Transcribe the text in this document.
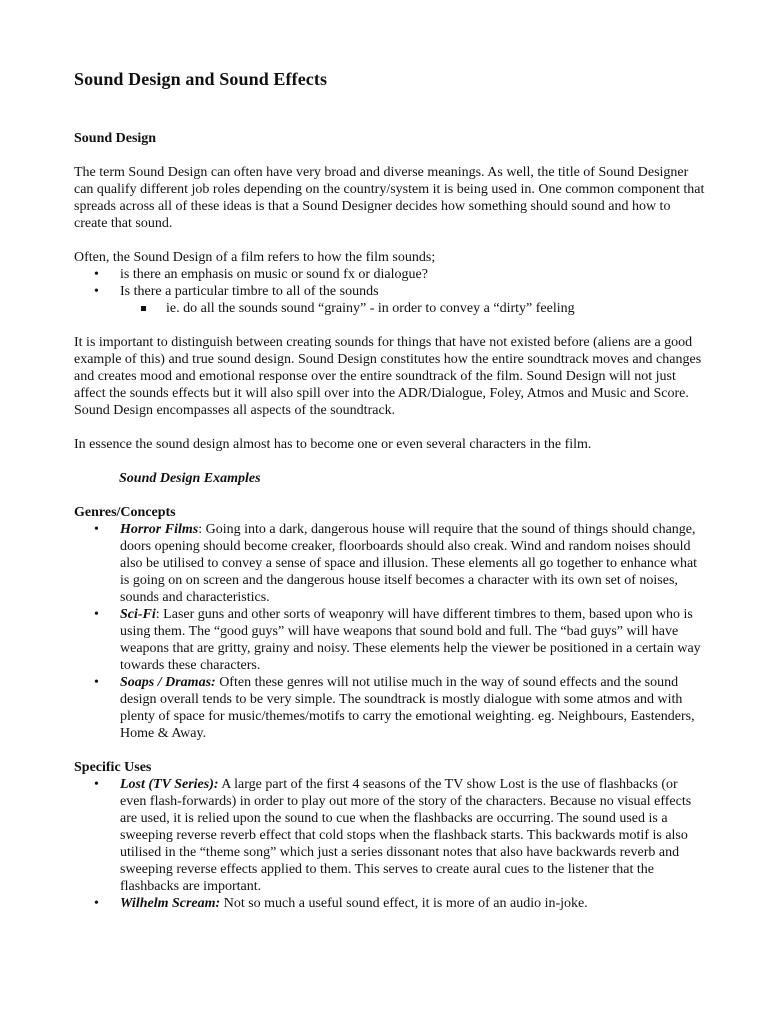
Sound Design and Sound Effects
Sound Design

The term Sound Design can often have very broad and diverse meanings. As well, the title of Sound Designer can qualify different job roles depending on the country/system it is being used in. One common component that spreads across all of these ideas is that a Sound Designer decides how something should sound and how to create that sound.

Often, the Sound Design of a film refers to how the film sounds;

• is there an emphasis on music or sound fx or dialogue?
• Is there a particular timbre to all of the sounds
ie. do all the sounds sound “grainy” - in order to convey a “dirty” feeling

It is important to distinguish between creating sounds for things that have not existed before (aliens are a good example of this) and true sound design. Sound Design constitutes how the entire soundtrack moves and changes and creates mood and emotional response over the entire soundtrack of the film. Sound Design will not just affect the sounds effects but it will also spill over into the ADR/Dialogue, Foley, Atmos and Music and Score. Sound Design encompasses all aspects of the soundtrack.

In essence the sound design almost has to become one or even several characters in the film.

Sound Design Examples
Genres/Concepts
• Horror Films: Going into a dark, dangerous house will require that the sound of things should change, doors opening should become creaker, floorboards should also creak. Wind and random noises should also be utilised to convey a sense of space and illusion. These elements all go together to enhance what is going on on screen and the dangerous house itself becomes a character with its own set of noises, sounds and characteristics.
• Sci-Fi: Laser guns and other sorts of weaponry will have different timbres to them, based upon who is using them. The “good guys” will have weapons that sound bold and full. The “bad guys” will have weapons that are gritty, grainy and noisy. These elements help the viewer be positioned in a certain way towards these characters.
• Soaps / Dramas: Often these genres will not utilise much in the way of sound effects and the sound design overall tends to be very simple. The soundtrack is mostly dialogue with some atmos and with plenty of space for music/themes/motifs to carry the emotional weighting. eg. Neighbours, Eastenders, Home & Away.
Specific Uses
• Lost (TV Series): A large part of the first 4 seasons of the TV show Lost is the use of flashbacks (or even flash-forwards) in order to play out more of the story of the characters. Because no visual effects are used, it is relied upon the sound to cue when the flashbacks are occurring. The sound used is a sweeping reverse reverb effect that cold stops when the flashback starts. This backwards motif is also utilised in the “theme song” which just a series dissonant notes that also have backwards reverb and sweeping reverse effects applied to them. This serves to create aural cues to the listener that the flashbacks are important.
• Wilhelm Scream: Not so much a useful sound effect, it is more of an audio in-joke.
